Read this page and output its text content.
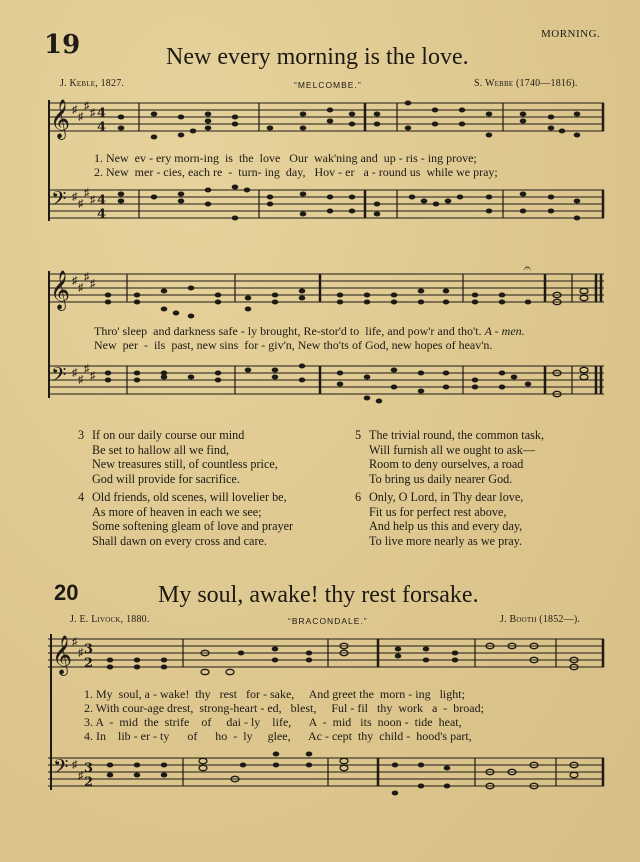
19	MORNING.
New every morning is the love.
J. Keble, 1827.	“MELCOMBE.”	S. Webbe (1740—1816).
𝄞 ♯
♯
♯
♯ 4
4
𝄢 ♯
♯
♯
♯ 4
4
1. New  ev - ery morn-ing  is  the  love   Our  wak'ning and  up - ris - ing prove;
2. New  mer - cies, each re  -  turn- ing  day,   Hov - er   a - round us  while we pray;
𝄞 ♯
♯
♯
♯
𝄢 ♯
♯
♯
♯
𝄐
Thro' sleep  and darkness safe - ly brought, Re-stor'd to  life, and pow'r and tho't. A - men.
New  per  -  ils  past, new sins  for - giv'n, New tho'ts of God, new hopes of heav'n.
3 If on our daily course our mind
Be set to hallow all we find,
New treasures still, of countless price,
God will provide for sacrifice.
4 Old friends, old scenes, will lovelier be,
As more of heaven in each we see;
Some softening gleam of love and prayer
Shall dawn on every cross and care.
5 The trivial round, the common task,
Will furnish all we ought to ask—
Room to deny ourselves, a road
To bring us daily nearer God.
6 Only, O Lord, in Thy dear love,
Fit us for perfect rest above,
And help us this and every day,
To live more nearly as we pray.
20	My soul, awake! thy rest forsake.
J. E. Livock, 1880.	“BRACONDALE.”	J. Booth (1852—).
𝄞 ♯
♯ 3
2
𝄢 ♯
♯ 3
2
1. My  soul, a - wake!  thy   rest   for - sake,     And greet the  morn - ing   light;
2. With cour-age drest,  strong-heart - ed,   blest,     Ful - fil   thy  work   a  -  broad;
3. A  -  mid  the  strife    of     dai - ly    life,      A  -  mid   its  noon -  tide  heat,
4. In    lib - er - ty      of      ho  -  ly     glee,      Ac - cept  thy  child -  hood's part,
